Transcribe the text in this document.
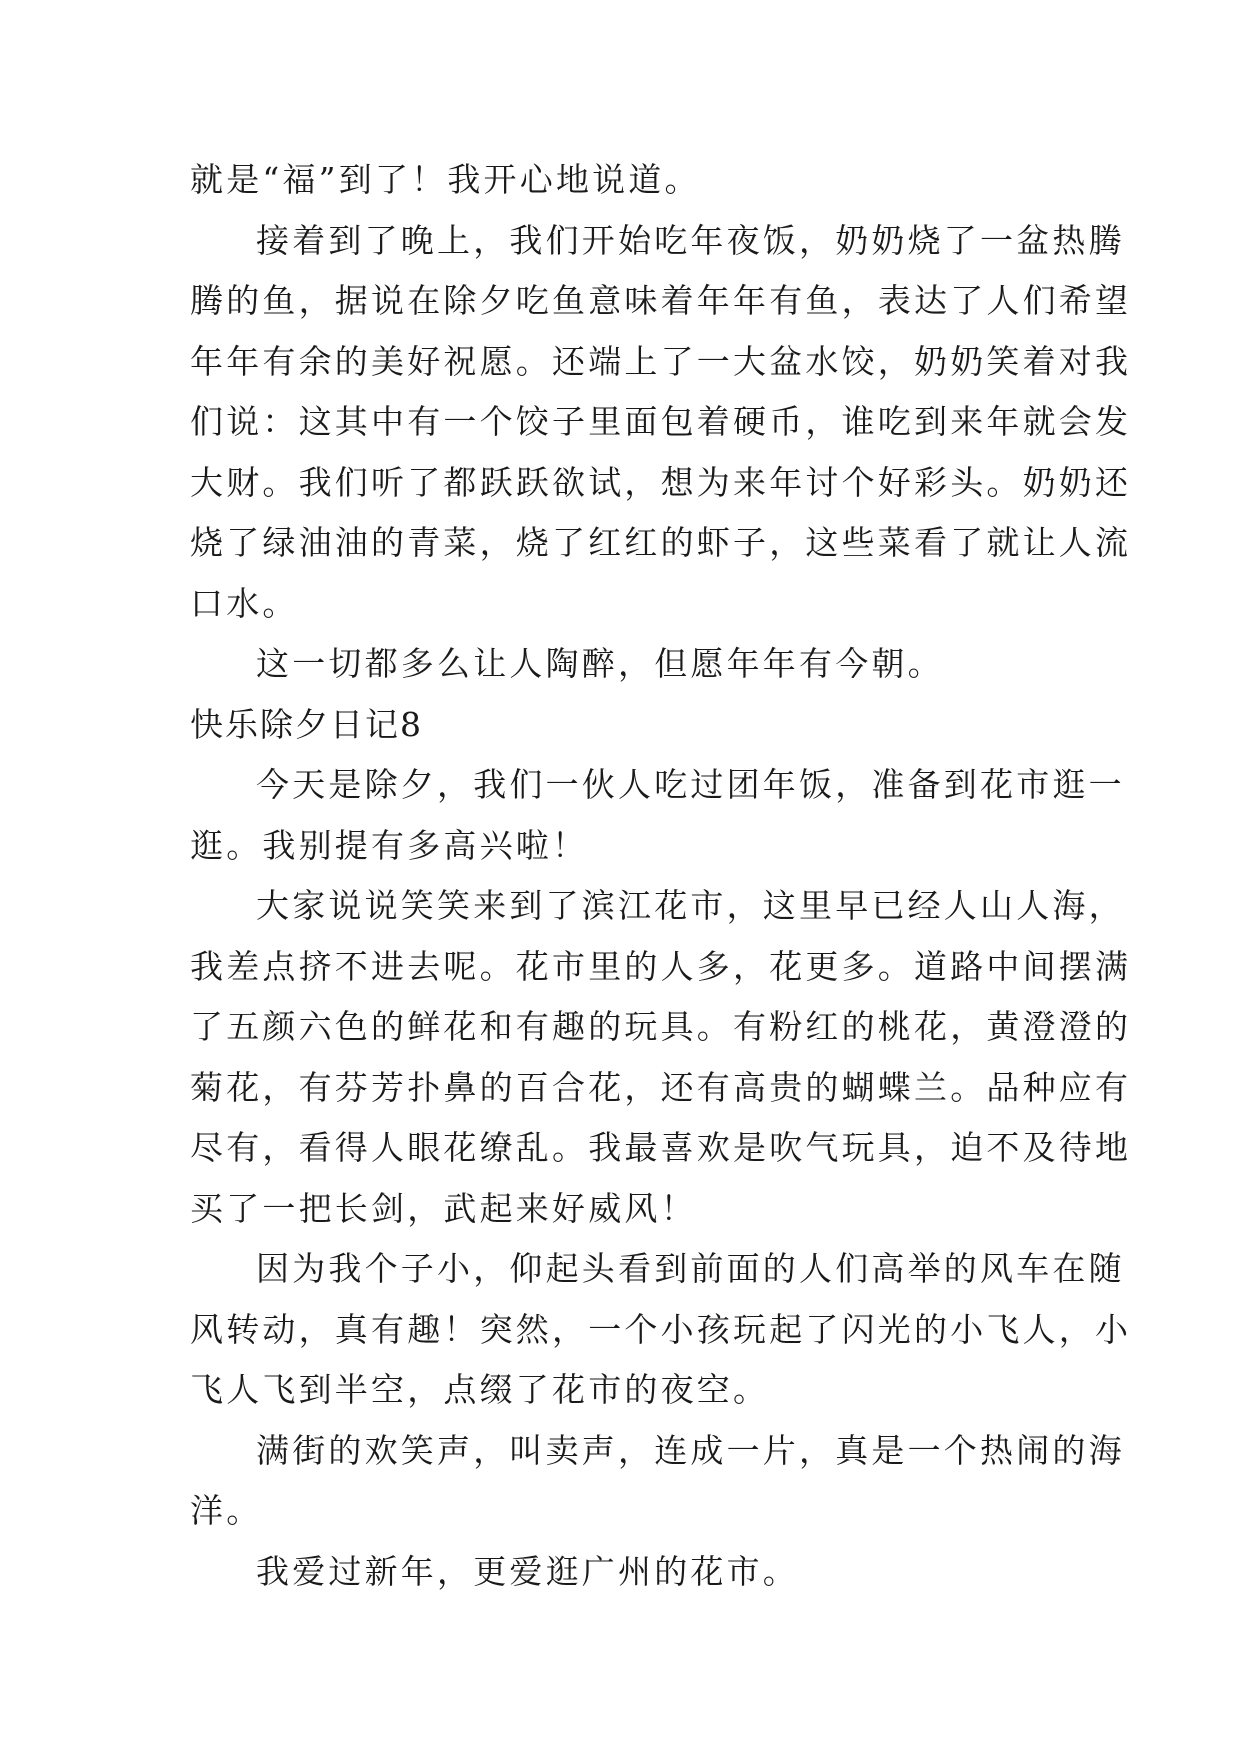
就是“福”到了！我开心地说道。
接着到了晚上，我们开始吃年夜饭，奶奶烧了一盆热腾
腾的鱼，据说在除夕吃鱼意味着年年有鱼，表达了人们希望
年年有余的美好祝愿。还端上了一大盆水饺，奶奶笑着对我
们说：这其中有一个饺子里面包着硬币，谁吃到来年就会发
大财。我们听了都跃跃欲试，想为来年讨个好彩头。奶奶还
烧了绿油油的青菜，烧了红红的虾子，这些菜看了就让人流
口水。
这一切都多么让人陶醉，但愿年年有今朝。
快乐除夕日记8
今天是除夕，我们一伙人吃过团年饭，准备到花市逛一
逛。我别提有多高兴啦！
大家说说笑笑来到了滨江花市，这里早已经人山人海，
我差点挤不进去呢。花市里的人多，花更多。道路中间摆满
了五颜六色的鲜花和有趣的玩具。有粉红的桃花，黄澄澄的
菊花，有芬芳扑鼻的百合花，还有高贵的蝴蝶兰。品种应有
尽有，看得人眼花缭乱。我最喜欢是吹气玩具，迫不及待地
买了一把长剑，武起来好威风！
因为我个子小，仰起头看到前面的人们高举的风车在随
风转动，真有趣！突然，一个小孩玩起了闪光的小飞人，小
飞人飞到半空，点缀了花市的夜空。
满街的欢笑声，叫卖声，连成一片，真是一个热闹的海
洋。
我爱过新年，更爱逛广州的花市。
